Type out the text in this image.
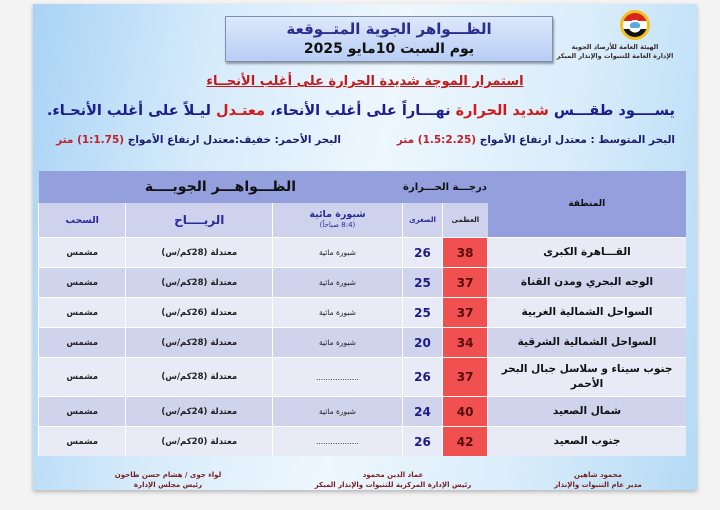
الظـــواهر الجوية المتــوقعة
يوم السبت 10مايو 2025	الهيئة العامة للأرصاد الجوية
الإدارة العامة للتنبوات والإنذار المبكر
استمرار الموجة شديدة الحرارة على أغلب الأنحــاء
يســــود طقـــس شديد الحرارة نهـــاراً على أغلب الأنحاء، معتـدل ليـلاً على أغلب الأنحـاء.
البحر المتوسط : معتدل ارتفاع الأمواج (1.5:2.25) متر
البحر الأحمر: خفيف:معتدل ارتفاع الأمواج (1:1.75) متر
محمود شاهين
مدير عام التنبوات والإنذار
عماد الدين محمود
رئيس الإدارة المركزية للتنبوات والإنذار المبكر
لواء جوى / هشام حسن طاحون
رئيس مجلس الإدارة
المنطقة	درجـــة الحـــرارة		الظـــواهـــر الجويــــة		
	العظمى	الصغرى	شبورة مائية
(8:4 صباحاً)	الريــــاح	السحب
القـــاهرة الكبرى	38	26	شبورة مائية	معتدلة (28كم/س)	مشمس
الوجه البحري ومدن القناة	37	25	شبورة مائية	معتدلة (28كم/س)	مشمس
السواحل الشمالية الغربية	37	25	شبورة مائية	معتدلة (26كم/س)	مشمس
السواحل الشمالية الشرقية	34	20	شبورة مائية	معتدلة (28كم/س)	مشمس
جنوب سيناء و سلاسل جبال البحر الأحمر	37	26	..................	معتدلة (28كم/س)	مشمس
شمال الصعيد	40	24	شبورة مائية	معتدلة (24كم/س)	مشمس
جنوب الصعيد	42	26	..................	معتدلة (20كم/س)	مشمس
